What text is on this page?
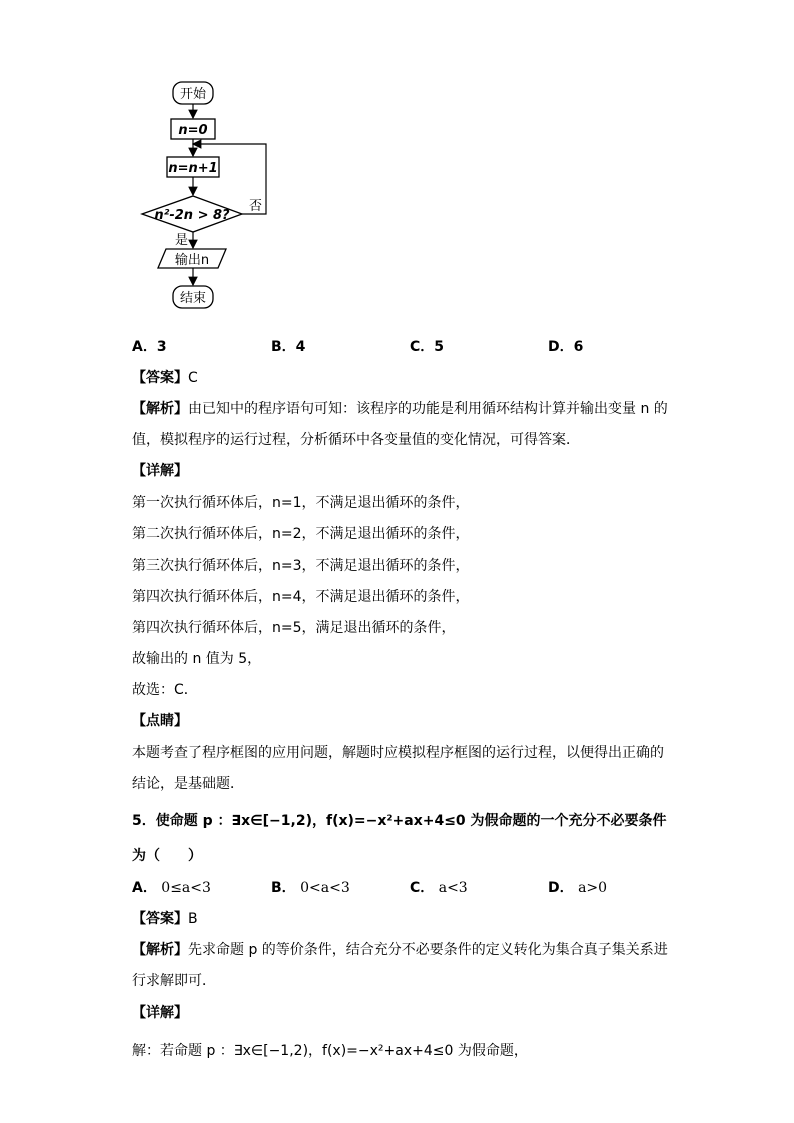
开始
n=0
n=n+1
n²-2n > 8?
否
是
输出n
结束
A．3	B．4	C．5	D．6
【答案】C
【解析】由已知中的程序语句可知：该程序的功能是利用循环结构计算并输出变量 n 的
值，模拟程序的运行过程，分析循环中各变量值的变化情况，可得答案．
【详解】
第一次执行循环体后，n=1，不满足退出循环的条件，
第二次执行循环体后，n=2，不满足退出循环的条件，
第三次执行循环体后，n=3，不满足退出循环的条件，
第四次执行循环体后，n=4，不满足退出循环的条件，
第四次执行循环体后，n=5，满足退出循环的条件，
故输出的 n 值为 5，
故选：C．
【点睛】
本题考查了程序框图的应用问题，解题时应模拟程序框图的运行过程，以便得出正确的
结论，是基础题．
5．使命题 p ：∃x∈[−1,2)，f(x)=−x²+ax+4≤0 为假命题的一个充分不必要条件
为（　　）
A． 0≤a<3	B． 0<a<3	C． a<3	D． a>0
【答案】B
【解析】先求命题 p 的等价条件，结合充分不必要条件的定义转化为集合真子集关系进
行求解即可．
【详解】
解：若命题 p ：∃x∈[−1,2)，f(x)=−x²+ax+4≤0 为假命题，
